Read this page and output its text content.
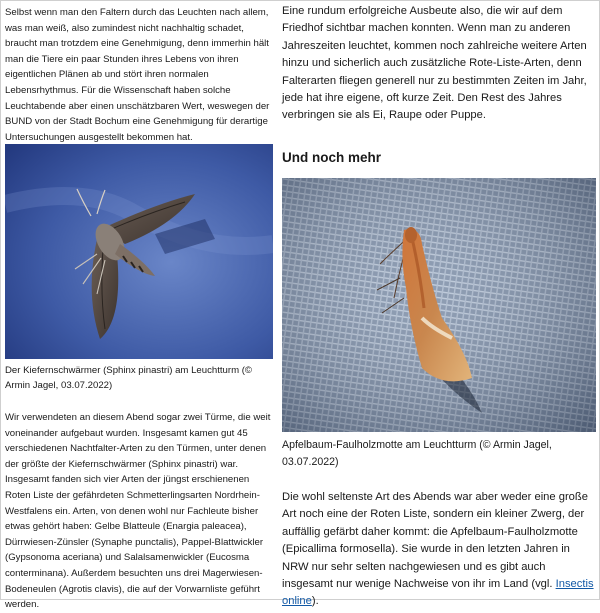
Selbst wenn man den Faltern durch das Leuchten nach allem, was man weiß, also zumindest nicht nachhaltig schadet, braucht man trotzdem eine Genehmigung, denn immerhin hält man die Tiere ein paar Stunden ihres Lebens von ihren eigentlichen Plänen ab und stört ihren normalen Lebensrhythmus. Für die Wissenschaft haben solche Leuchtabende aber einen unschätzbaren Wert, weswegen der BUND von der Stadt Bochum eine Genehmigung für derartige Untersuchungen ausgestellt bekommen hat.

Der Kiefernschwärmer (Sphinx pinastri) am Leuchtturm (© Armin Jagel, 03.07.2022)

Wir verwendeten an diesem Abend sogar zwei Türme, die weit voneinander aufgebaut wurden. Insgesamt kamen gut 45 verschiedenen Nachtfalter-Arten zu den Türmen, unter denen der größte der Kiefernschwärmer (Sphinx pinastri) war. Insgesamt fanden sich vier Arten der jüngst erschienenen Roten Liste der gefährdeten Schmetterlingsarten Nordrhein-Westfalens ein. Arten, von denen wohl nur Fachleute bisher etwas gehört haben: Gelbe Blatteule (Enargia paleacea), Dürrwiesen-Zünsler (Synaphe punctalis), Pappel-Blattwickler (Gypsonoma aceriana) und Salalsamenwickler (Eucosma conterminana). Außerdem besuchten uns drei Magerwiesen-Bodeneulen (Agrotis clavis), die auf der Vorwarnliste geführt werden.

Eine rundum erfolgreiche Ausbeute also, die wir auf dem Friedhof sichtbar machen konnten. Wenn man zu anderen Jahreszeiten leuchtet, kommen noch zahlreiche weitere Arten hinzu und sicherlich auch zusätzliche Rote-Liste-Arten, denn Falterarten fliegen generell nur zu bestimmten Zeiten im Jahr, jede hat ihre eigene, oft kurze Zeit. Den Rest des Jahres verbringen sie als Ei, Raupe oder Puppe.

Und noch mehr

Apfelbaum-Faulholzmotte am Leuchtturm (© Armin Jagel, 03.07.2022)

Die wohl seltenste Art des Abends war aber weder eine große Art noch eine der Roten Liste, sondern ein kleiner Zwerg, der auffällig gefärbt daher kommt: die Apfelbaum-Faulholzmotte (Epicallima formosella). Sie wurde in den letzten Jahren in NRW nur sehr selten nachgewiesen und es gibt auch insgesamt nur wenige Nachweise von ihr im Land (vgl. Insectis online).
